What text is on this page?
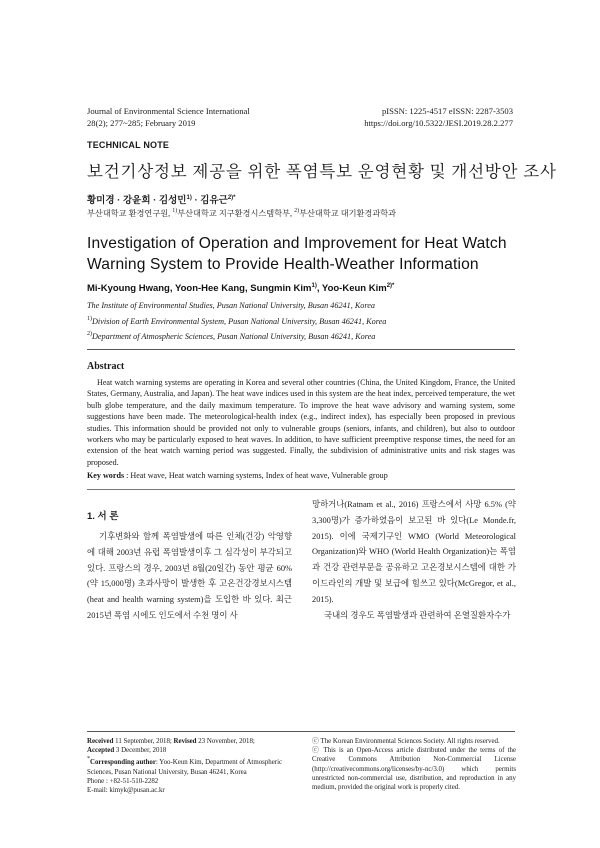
Journal of Environmental Science International
28(2); 277~285; February 2019
pISSN: 1225-4517 eISSN: 2287-3503
https://doi.org/10.5322/JESI.2019.28.2.277
TECHNICAL NOTE
보건기상정보 제공을 위한 폭염특보 운영현황 및 개선방안 조사
황미경 · 강윤희 · 김성민$^{1)}$ · 김유근$^{2)*}$
부산대학교 환경연구원, $^{1)}$부산대학교 지구환경시스템학부, $^{2)}$부산대학교 대기환경과학과
Investigation of Operation and Improvement for Heat Watch Warning System to Provide Health-Weather Information
Mi-Kyoung Hwang, Yoon-Hee Kang, Sungmin Kim$^{1)}$, Yoo-Keun Kim$^{2)*}$
The Institute of Environmental Studies, Pusan National University, Busan 46241, Korea
$^{1)}$Division of Earth Environmental System, Pusan National University, Busan 46241, Korea
$^{2)}$Department of Atmospheric Sciences, Pusan National University, Busan 46241, Korea
Abstract
Heat watch warning systems are operating in Korea and several other countries (China, the United Kingdom, France, the United States, Germany, Australia, and Japan). The heat wave indices used in this system are the heat index, perceived temperature, the wet bulb globe temperature, and the daily maximum temperature. To improve the heat wave advisory and warning system, some suggestions have been made. The meteorological-health index (e.g., indirect index), has especially been proposed in previous studies. This information should be provided not only to vulnerable groups (seniors, infants, and children), but also to outdoor workers who may be particularly exposed to heat waves. In addition, to have sufficient preemptive response times, the need for an extension of the heat watch warning period was suggested. Finally, the subdivision of administrative units and risk stages was proposed.
Key words : Heat wave, Heat watch warning systems, Index of heat wave, Vulnerable group
1. 서 론
기후변화와 함께 폭염발생에 따른 인체(건강) 악영향에 대해 2003년 유럽 폭염발생이후 그 심각성이 부각되고 있다. 프랑스의 경우, 2003년 8월(20일간) 동안 평균 60%(약 15,000명) 초과사망이 발생한 후 고온건강경보시스템(heat and health warning system)을 도입한 바 있다. 최근 2015년 폭염 시에도 인도에서 수천 명이 사

망하거나(Ratnam et al., 2016) 프랑스에서 사망 6.5% (약 3,300명)가 증가하였음이 보고된 바 있다(Le Monde.fr, 2015). 이에 국제기구인 WMO (World Meteorological Organization)와 WHO (World Health Organization)는 폭염과 건강 관련부문을 공유하고 고온경보시스템에 대한 가이드라인의 개발 및 보급에 힘쓰고 있다(McGregor, et al., 2015).

국내의 경우도 폭염발생과 관련하여 온열질환자수가

Received 11 September, 2018; Revised 23 November, 2018;
Accepted 3 December, 2018
*Corresponding author: Yoo-Keun Kim, Department of Atmospheric Sciences, Pusan National University, Busan 46241, Korea
Phone : +82-51-510-2282
E-mail: kimyk@pusan.ac.kr
ⓒ The Korean Environmental Sciences Society. All rights reserved.
ⓒ This is an Open-Access article distributed under the terms of the Creative Commons Attribution Non-Commercial License (http://creativecommons.org/licenses/by-nc/3.0) which permits unrestricted non-commercial use, distribution, and reproduction in any medium, provided the original work is properly cited.
